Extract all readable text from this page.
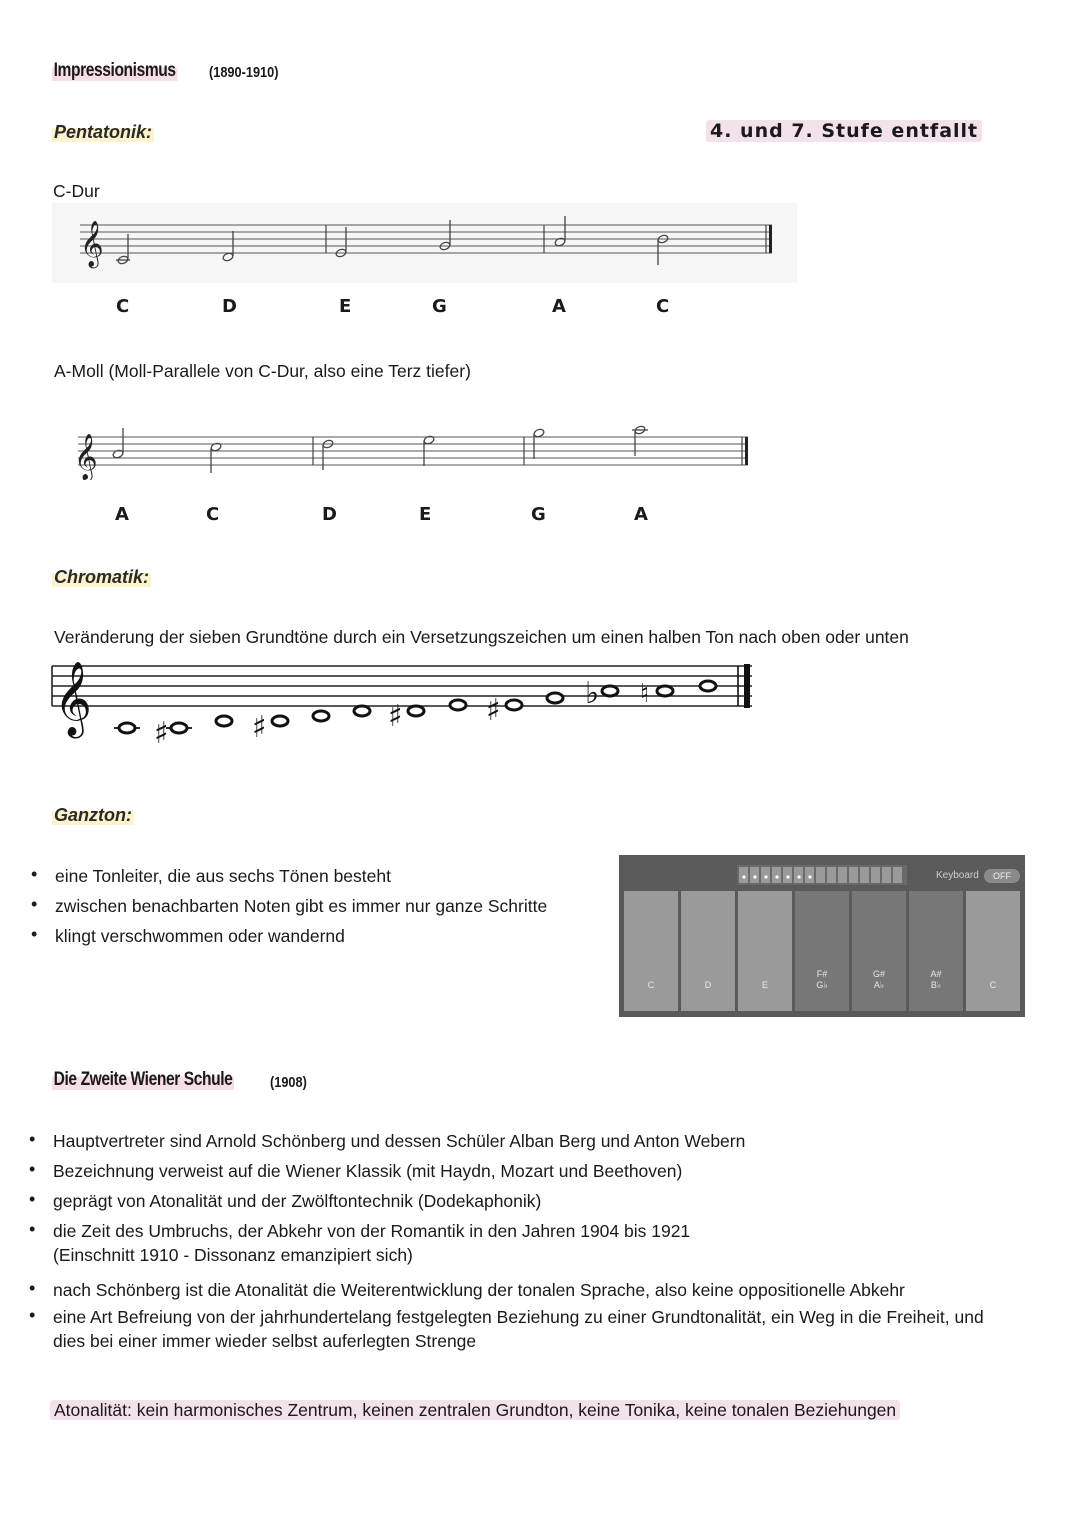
Impressionismus (1890-1910)
Pentatonik:	4. und 7. Stufe entfallt
C-Dur
𝄞
C	D	E	G	A	C
A-Moll (Moll-Parallele von C-Dur, also eine Terz tiefer)
𝄞
A	C	D	E	G	A
Chromatik:
Veränderung der sieben Grundtöne durch ein Versetzungszeichen um einen halben Ton nach oben oder unten
𝄞 ♯	♯	♯	♯	♭ ♮
Ganzton:
• eine Tonleiter, die aus sechs Tönen besteht
• zwischen benachbarten Noten gibt es immer nur ganze Schritte
• klingt verschwommen oder wandernd
Keyboard	OFF
C	D	E
F#
G♭
G#
A♭
A#
B♭	C
Die Zweite Wiener Schule	(1908)
• Hauptvertreter sind Arnold Schönberg und dessen Schüler Alban Berg und Anton Webern
• Bezeichnung verweist auf die Wiener Klassik (mit Haydn, Mozart und Beethoven)
• geprägt von Atonalität und der Zwölftontechnik (Dodekaphonik)
• die Zeit des Umbruchs, der Abkehr von der Romantik in den Jahren 1904 bis 1921
(Einschnitt 1910 - Dissonanz emanzipiert sich)
• nach Schönberg ist die Atonalität die Weiterentwicklung der tonalen Sprache, also keine oppositionelle Abkehr
• eine Art Befreiung von der jahrhundertelang festgelegten Beziehung zu einer Grundtonalität, ein Weg in die Freiheit, und
dies bei einer immer wieder selbst auferlegten Strenge
Atonalität: kein harmonisches Zentrum, keinen zentralen Grundton, keine Tonika, keine tonalen Beziehungen
